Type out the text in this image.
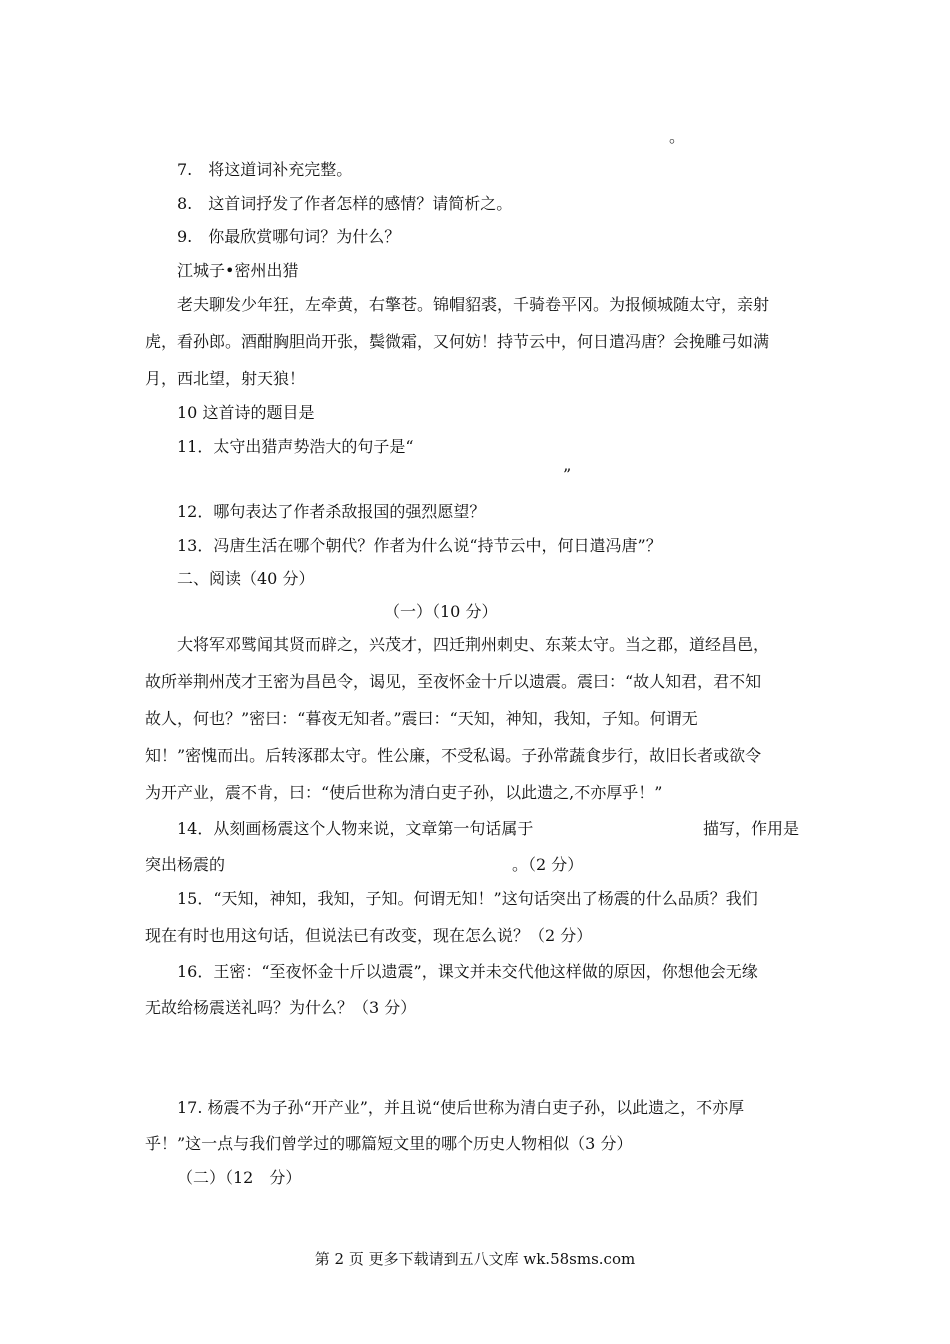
。
7.　将这道词补充完整。
8.　这首词抒发了作者怎样的感情？请简析之。
9.　你最欣赏哪句词？为什么？
江城子•密州出猎
老夫聊发少年狂，左牵黄，右擎苍。锦帽貂裘，千骑卷平冈。为报倾城随太守，亲射
虎，看孙郎。酒酣胸胆尚开张，鬓微霜，又何妨！持节云中，何日遣冯唐？会挽雕弓如满
月，西北望，射天狼！
10 这首诗的题目是
11．太守出猎声势浩大的句子是“
”
12．哪句表达了作者杀敌报国的强烈愿望？
13．冯唐生活在哪个朝代？作者为什么说“持节云中，何日遣冯唐”？
二、阅读（40 分）
（一）（10 分）
大将军邓骘闻其贤而辟之，兴茂才，四迁荆州刺史、东莱太守。当之郡，道经昌邑，
故所举荆州茂才王密为昌邑令，谒见，至夜怀金十斤以遗震。震曰：“故人知君，君不知
故人，何也？”密曰：“暮夜无知者。”震曰：“天知，神知，我知，子知。何谓无
知！”密愧而出。后转涿郡太守。性公廉，不受私谒。子孙常蔬食步行，故旧长者或欲令
为开产业，震不肯，曰：“使后世称为清白吏子孙，以此遗之,不亦厚乎！”
14．从刻画杨震这个人物来说，文章第一句话属于	描写，作用是
突出杨震的	。（2 分）
15．“天知，神知，我知，子知。何谓无知！”这句话突出了杨震的什么品质？我们
现在有时也用这句话，但说法已有改变，现在怎么说？（2 分）
16．王密：“至夜怀金十斤以遗震”，课文并未交代他这样做的原因，你想他会无缘
无故给杨震送礼吗？为什么？（3 分）
17. 杨震不为子孙“开产业”，并且说“使后世称为清白吏子孙，以此遗之，不亦厚
乎！”这一点与我们曾学过的哪篇短文里的哪个历史人物相似（3 分）
（二）（12　分）
第 2 页 更多下载请到五八文库 wk.58sms.com
